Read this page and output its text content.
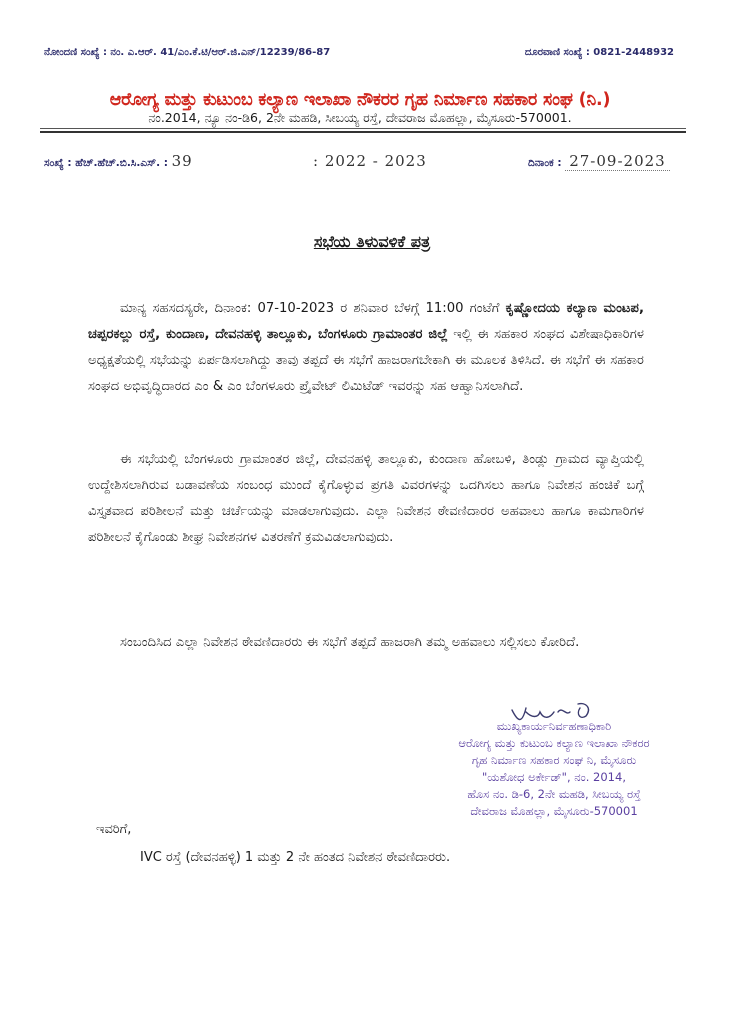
ನೋಂದಣಿ ಸಂಖ್ಯೆ : ನಂ. ಎ.ಆರ್. 41/ಎಂ.ಕೆ.ಟಿ/ಆರ್.ಜಿ.ಎನ್/12239/86-87	ದೂರವಾಣಿ ಸಂಖ್ಯೆ : 0821-2448932
ಆರೋಗ್ಯ ಮತ್ತು ಕುಟುಂಬ ಕಲ್ಯಾಣ ಇಲಾಖಾ ನೌಕರರ ಗೃಹ ನಿರ್ಮಾಣ ಸಹಕಾರ ಸಂಘ (ನಿ.)
ನಂ.2014, ನ್ಯೂ ನಂ-ಡಿ6, 2ನೇ ಮಹಡಿ, ಸೀಬಯ್ಯ ರಸ್ತೆ, ದೇವರಾಜ ಮೊಹಲ್ಲಾ, ಮೈಸೂರು-570001.
ಸಂಖ್ಯೆ : ಹೆಚ್.ಹೆಚ್.ಬಿ.ಸಿ.ಎಸ್. : 39	: 2022 - 2023	ದಿನಾಂಕ : 27-09-2023
ಸಭೆಯ ತಿಳುವಳಿಕೆ ಪತ್ರ
ಮಾನ್ಯ ಸಹಸದಸ್ಯರೇ, ದಿನಾಂಕ: 07-10-2023 ರ ಶನಿವಾರ ಬೆಳಗ್ಗೆ 11:00 ಗಂಟೆಗೆ ಕೃಷ್ಣೋದಯ ಕಲ್ಯಾಣ ಮಂಟಪ, ಚಪ್ಪರಕಲ್ಲು ರಸ್ತೆ, ಕುಂದಾಣ, ದೇವನಹಳ್ಳಿ ತಾಲ್ಲೂಕು, ಬೆಂಗಳೂರು ಗ್ರಾಮಾಂತರ ಜಿಲ್ಲೆ ಇಲ್ಲಿ ಈ ಸಹಕಾರ ಸಂಘದ ವಿಶೇಷಾಧಿಕಾರಿಗಳ ಅಧ್ಯಕ್ಷತೆಯಲ್ಲಿ ಸಭೆಯನ್ನು ಏರ್ಪಡಿಸಲಾಗಿದ್ದು ತಾವು ತಪ್ಪದೆ ಈ ಸಭೆಗೆ ಹಾಜರಾಗಬೇಕಾಗಿ ಈ ಮೂಲಕ ತಿಳಿಸಿದೆ. ಈ ಸಭೆಗೆ ಈ ಸಹಕಾರ ಸಂಘದ ಅಭಿವೃದ್ಧಿದಾರದ ಎಂ & ಎಂ ಬೆಂಗಳೂರು ಪ್ರೈವೇಟ್ ಲಿಮಿಟೆಡ್ ಇವರನ್ನು ಸಹ ಆಹ್ವಾನಿಸಲಾಗಿದೆ.
ಈ ಸಭೆಯಲ್ಲಿ ಬೆಂಗಳೂರು ಗ್ರಾಮಾಂತರ ಜಿಲ್ಲೆ, ದೇವನಹಳ್ಳಿ ತಾಲ್ಲೂಕು, ಕುಂದಾಣ ಹೋಬಳಿ, ತಿಂಡ್ಲು ಗ್ರಾಮದ ವ್ಯಾಪ್ತಿಯಲ್ಲಿ ಉದ್ದೇಶಿಸಲಾಗಿರುವ ಬಡಾವಣೆಯ ಸಂಬಂಧ ಮುಂದೆ ಕೈಗೊಳ್ಳುವ ಪ್ರಗತಿ ವಿವರಗಳನ್ನು ಒದಗಿಸಲು ಹಾಗೂ ನಿವೇಶನ ಹಂಚಿಕೆ ಬಗ್ಗೆ ವಿಸ್ತೃತವಾದ ಪರಿಶೀಲನೆ ಮತ್ತು ಚರ್ಚೆಯನ್ನು ಮಾಡಲಾಗುವುದು. ಎಲ್ಲಾ ನಿವೇಶನ ಠೇವಣಿದಾರರ ಅಹವಾಲು ಹಾಗೂ ಕಾಮಗಾರಿಗಳ ಪರಿಶೀಲನೆ ಕೈಗೊಂಡು ಶೀಘ್ರ ನಿವೇಶನಗಳ ವಿತರಣೆಗೆ ಕ್ರಮವಿಡಲಾಗುವುದು.
ಸಂಬಂದಿಸಿದ ಎಲ್ಲಾ ನಿವೇಶನ ಠೇವಣಿದಾರರು ಈ ಸಭೆಗೆ ತಪ್ಪದೆ ಹಾಜರಾಗಿ ತಮ್ಮ ಅಹವಾಲು ಸಲ್ಲಿಸಲು ಕೋರಿದೆ.
ಮುಖ್ಯಕಾರ್ಯನಿರ್ವಹಣಾಧಿಕಾರಿ
ಆರೋಗ್ಯ ಮತ್ತು ಕುಟುಂಬ ಕಲ್ಯಾಣ ಇಲಾಖಾ ನೌಕರರ
ಗೃಹ ನಿರ್ಮಾಣ ಸಹಕಾರ ಸಂಘ ನಿ, ಮೈಸೂರು
"ಯಶೋಧ ಅರ್ಕೇಡ್", ನಂ. 2014,
ಹೊಸ ನಂ. ಡಿ-6, 2ನೇ ಮಹಡಿ, ಸೀಬಯ್ಯ ರಸ್ತೆ
ದೇವರಾಜ ಮೊಹಲ್ಲಾ, ಮೈಸೂರು-570001
ಇವರಿಗೆ,
IVC ರಸ್ತೆ (ದೇವನಹಳ್ಳಿ) 1 ಮತ್ತು 2 ನೇ ಹಂತದ ನಿವೇಶನ ಠೇವಣಿದಾರರು.
